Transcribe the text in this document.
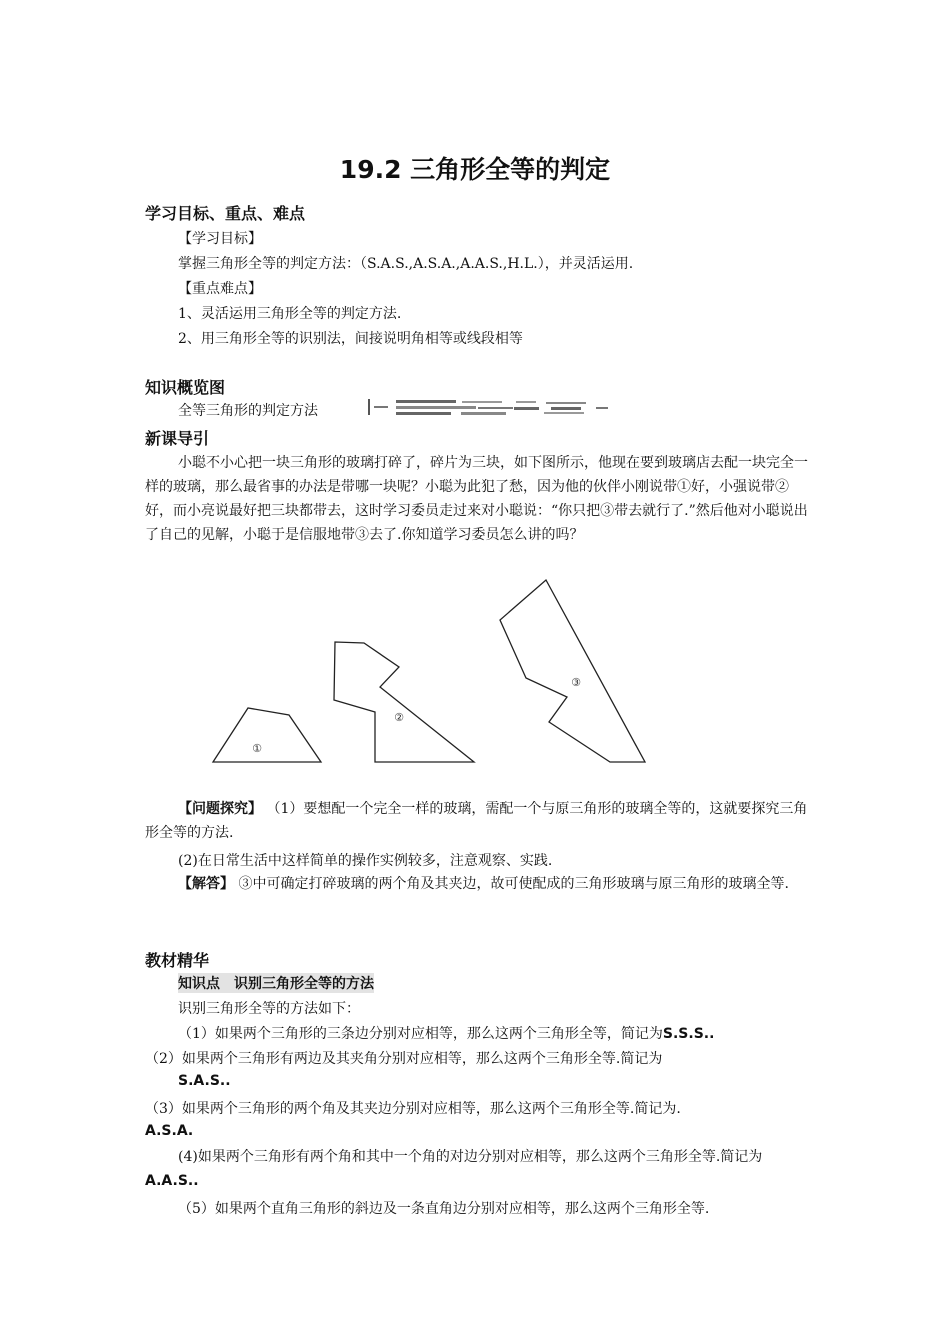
19.2 三角形全等的判定
学习目标、重点、难点
【学习目标】
掌握三角形全等的判定方法：（S.A.S.,A.S.A.,A.A.S.,H.L.），并灵活运用.
【重点难点】
1、灵活运用三角形全等的判定方法.
2、用三角形全等的识别法，间接说明角相等或线段相等
知识概览图
全等三角形的判定方法
新课导引
小聪不小心把一块三角形的玻璃打碎了，碎片为三块，如下图所示，他现在要到玻璃店去配一块完全一样的玻璃，那么最省事的办法是带哪一块呢？小聪为此犯了愁，因为他的伙伴小刚说带①好，小强说带②好，而小亮说最好把三块都带去，这时学习委员走过来对小聪说：“你只把③带去就行了.”然后他对小聪说出了自己的见解，小聪于是信服地带③去了.你知道学习委员怎么讲的吗？
①
②
③
【问题探究】 （1）要想配一个完全一样的玻璃，需配一个与原三角形的玻璃全等的，这就要探究三角形全等的方法.
(2)在日常生活中这样简单的操作实例较多，注意观察、实践.
【解答】 ③中可确定打碎玻璃的两个角及其夹边，故可使配成的三角形玻璃与原三角形的玻璃全等.
教材精华
知识点　识别三角形全等的方法
识别三角形全等的方法如下：
（1）如果两个三角形的三条边分别对应相等，那么这两个三角形全等，简记为S.S.S..
（2）如果两个三角形有两边及其夹角分别对应相等，那么这两个三角形全等.简记为
S.A.S..
（3）如果两个三角形的两个角及其夹边分别对应相等，那么这两个三角形全等.简记为.
A.S.A.
(4)如果两个三角形有两个角和其中一个角的对边分别对应相等，那么这两个三角形全等.简记为A.A.S..
（5）如果两个直角三角形的斜边及一条直角边分别对应相等，那么这两个三角形全等.
